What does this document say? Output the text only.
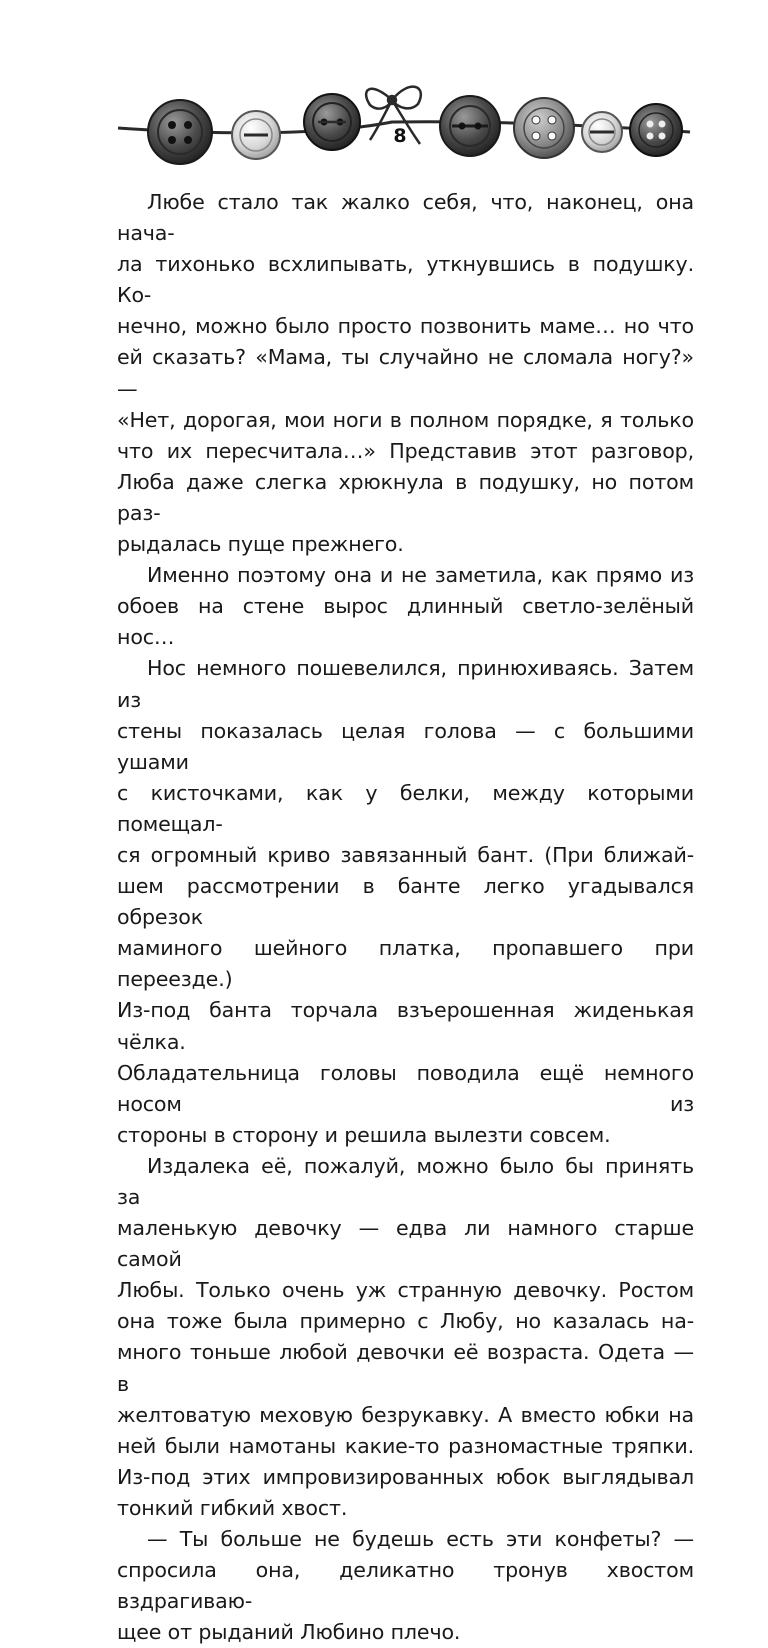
8

Любе стало так жалко себя, что, наконец, она нача-
ла тихонько всхлипывать, уткнувшись в подушку. Ко-
нечно, можно было просто позвонить маме… но что
ей сказать? «Мама, ты случайно не сломала ногу?» —
«Нет, дорогая, мои ноги в полном порядке, я только
что их пересчитала…» Представив этот разговор,
Люба даже слегка хрюкнула в подушку, но потом раз-
рыдалась пуще прежнего.

Именно поэтому она и не заметила, как прямо из
обоев на стене вырос длинный светло-зелёный нос…

Нос немного пошевелился, принюхиваясь. Затем из
стены показалась целая голова — с большими ушами
с кисточками, как у белки, между которыми помещал-
ся огромный криво завязанный бант. (При ближай-
шем рассмотрении в банте легко угадывался обрезок
маминого шейного платка, пропавшего при переезде.)
Из-под банта торчала взъерошенная жиденькая чёлка.
Обладательница головы поводила ещё немного носом из
стороны в сторону и решила вылезти совсем.

Издалека её, пожалуй, можно было бы принять за
маленькую девочку — едва ли намного старше самой
Любы. Только очень уж странную девочку. Ростом
она тоже была примерно с Любу, но казалась на-
много тоньше любой девочки её возраста. Одета — в
желтоватую меховую безрукавку. А вместо юбки на
ней были намотаны какие-то разномастные тряпки.
Из-под этих импровизированных юбок выглядывал
тонкий гибкий хвост.

— Ты больше не будешь есть эти конфеты? —
спросила она, деликатно тронув хвостом вздрагиваю-
щее от рыданий Любино плечо.
